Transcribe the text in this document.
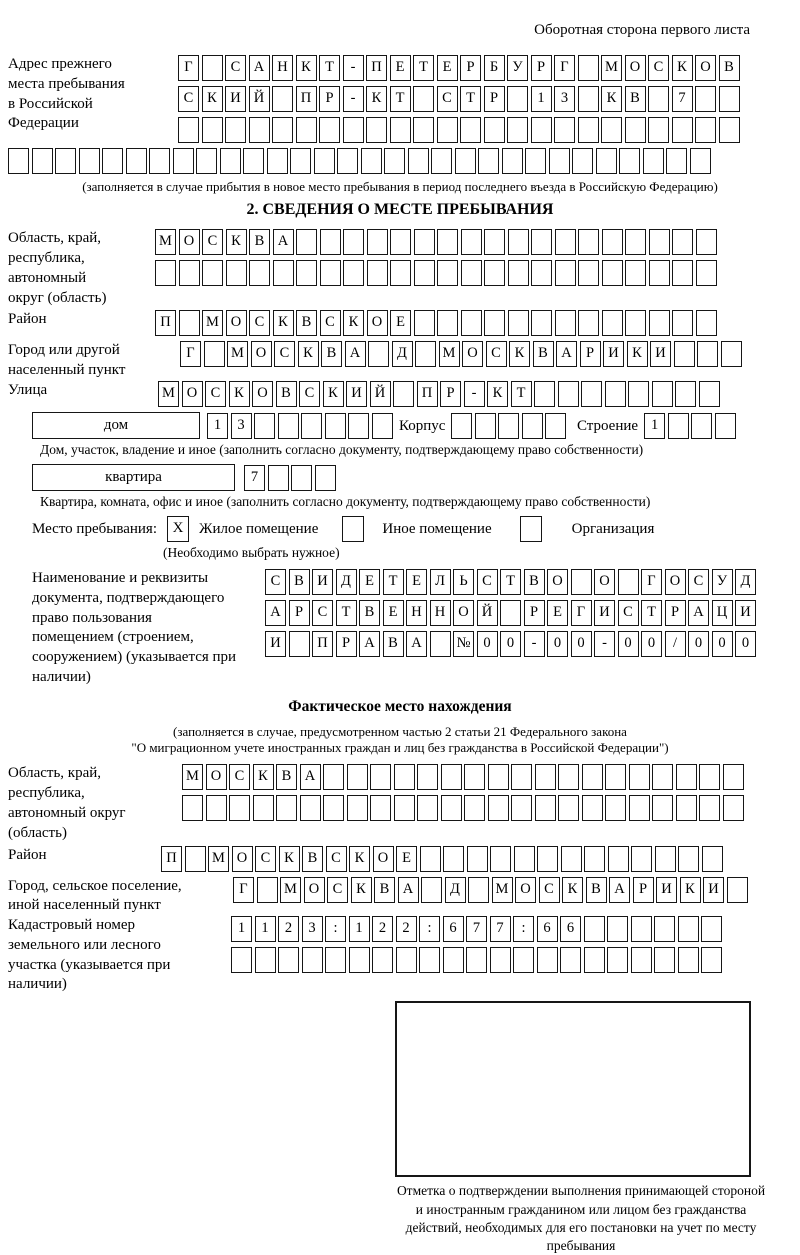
Оборотная сторона первого листа
Адрес прежнего места пребывания в Российской Федерации
Г	С А Н К Т	-	П Е	Т	Е	Р	Б У Р	Г	М О С К О В
С К И Й	П Р	-	К Т	С Т	Р	1	3	К В	7
(заполняется в случае прибытия в новое место пребывания в период последнего въезда в Российскую Федерацию)
2. СВЕДЕНИЯ О МЕСТЕ ПРЕБЫВАНИЯ
Область, край, республика, автономный округ (область)
М О С К В А
Район	П	М О С К В С К О Е
Город или другой населенный пункт
Г	М О С К В А	Д	М О С К В А Р И К И
Улица	М О С К О В С К И Й	П Р	-	К Т
дом	1	3	Корпус	Строение 1
Дом, участок, владение и иное (заполнить согласно документу, подтверждающему право собственности)
квартира	7
Квартира, комната, офис и иное (заполнить согласно документу, подтверждающему право собственности)
Место пребывания:	X	Жилое помещение	Иное помещение	Организация
(Необходимо выбрать нужное)
Наименование и реквизиты документа, подтверждающего право пользования помещением (строением, сооружением) (указывается при наличии)
С В И Д Е	Т	Е Л Ь	С Т В О	О	Г О С У Д
А Р	С Т В Е Н Н О Й	Р	Е	Г И С Т	Р А Ц И
И	П Р А В А	№ 0	0	-	0	0	-	0	0	/	0	0	0
Фактическое место нахождения
(заполняется в случае, предусмотренном частью 2 статьи 21 Федерального закона
"О миграционном учете иностранных граждан и лиц без гражданства в Российской Федерации")
Область, край, республика, автономный округ (область)
М О С К В А
Район	П	М О С К В С К О Е
Город, сельское поселение, иной населенный пункт
Г	М О С К В А	Д	М О С К В А Р И К И
Кадастровый номер земельного или лесного участка (указывается при наличии)
1	1	2	3	:	1	2	2	:	6	7	7	:	6	6
Отметка о подтверждении выполнения принимающей стороной и иностранным гражданином или лицом без гражданства действий, необходимых для его постановки на учет по месту пребывания
